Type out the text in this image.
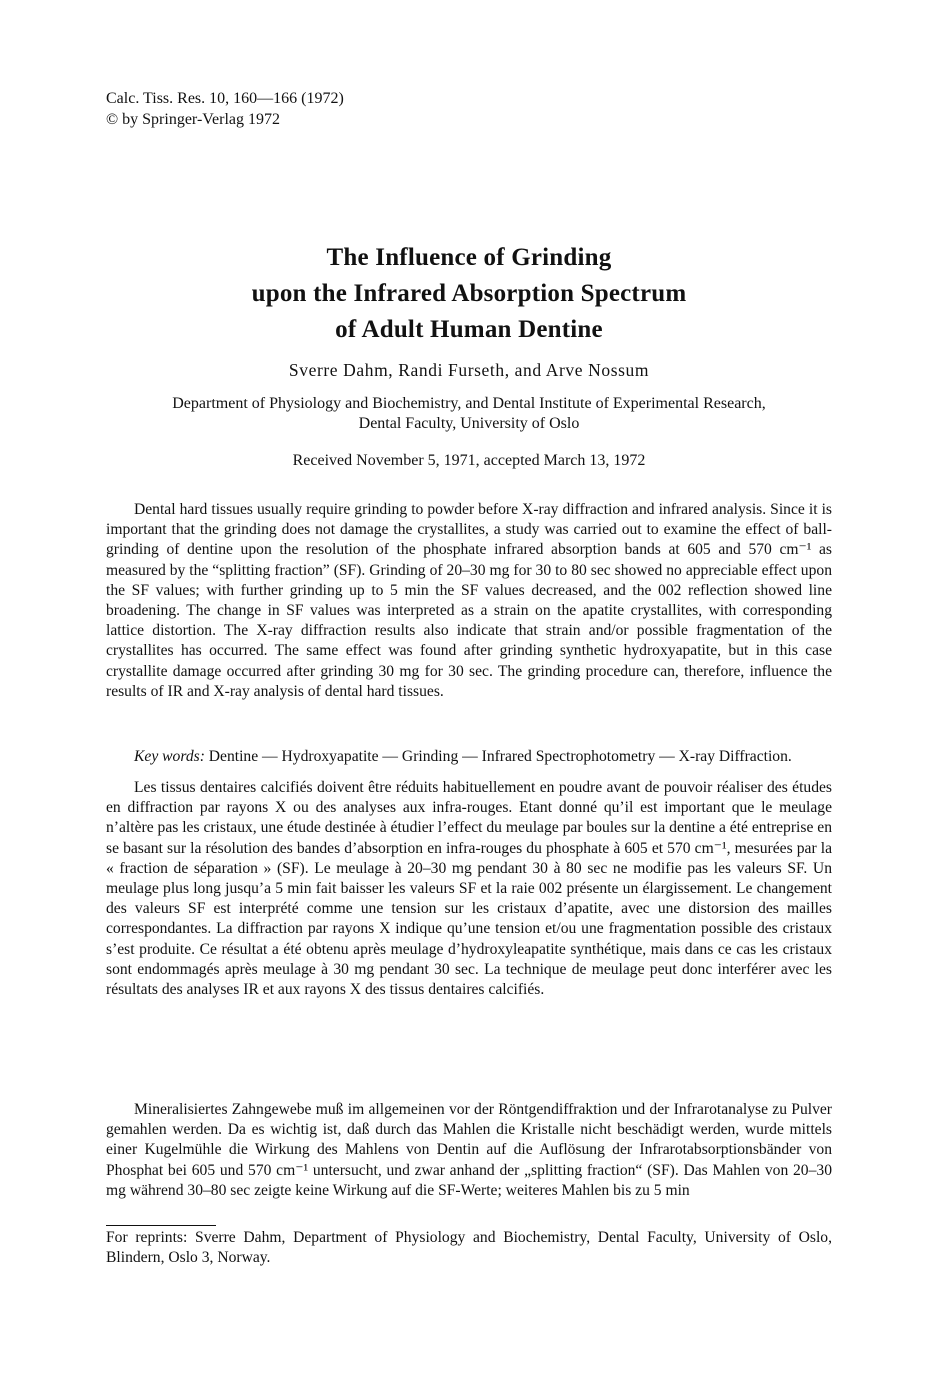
Calc. Tiss. Res. 10, 160—166 (1972)
© by Springer-Verlag 1972
The Influence of Grinding
upon the Infrared Absorption Spectrum
of Adult Human Dentine
Sverre Dahm, Randi Furseth, and Arve Nossum
Department of Physiology and Biochemistry, and Dental Institute of Experimental Research,
Dental Faculty, University of Oslo
Received November 5, 1971, accepted March 13, 1972

Dental hard tissues usually require grinding to powder before X-ray diffraction and infrared analysis. Since it is important that the grinding does not damage the crystallites, a study was carried out to examine the effect of ball-grinding of dentine upon the resolution of the phosphate infrared absorption bands at 605 and 570 cm⁻¹ as measured by the “splitting fraction” (SF). Grinding of 20–30 mg for 30 to 80 sec showed no appreciable effect upon the SF values; with further grinding up to 5 min the SF values decreased, and the 002 reflection showed line broadening. The change in SF values was interpreted as a strain on the apatite crystallites, with corresponding lattice distortion. The X-ray diffraction results also indicate that strain and/or possible fragmentation of the crystallites has occurred. The same effect was found after grinding synthetic hydroxyapatite, but in this case crystallite damage occurred after grinding 30 mg for 30 sec. The grinding procedure can, therefore, influence the results of IR and X-ray analysis of dental hard tissues.

Key words: Dentine — Hydroxyapatite — Grinding — Infrared Spectrophotometry — X-ray Diffraction.

Les tissus dentaires calcifiés doivent être réduits habituellement en poudre avant de pouvoir réaliser des études en diffraction par rayons X ou des analyses aux infra-rouges. Etant donné qu’il est important que le meulage n’altère pas les cristaux, une étude destinée à étudier l’effect du meulage par boules sur la dentine a été entreprise en se basant sur la résolution des bandes d’absorption en infra-rouges du phosphate à 605 et 570 cm⁻¹, mesurées par la « fraction de séparation » (SF). Le meulage à 20–30 mg pendant 30 à 80 sec ne modifie pas les valeurs SF. Un meulage plus long jusqu’a 5 min fait baisser les valeurs SF et la raie 002 présente un élargissement. Le changement des valeurs SF est interprété comme une tension sur les cristaux d’apatite, avec une distorsion des mailles correspondantes. La diffraction par rayons X indique qu’une tension et/ou une fragmentation possible des cristaux s’est produite. Ce résultat a été obtenu après meulage d’hydroxyleapatite synthétique, mais dans ce cas les cristaux sont endommagés après meulage à 30 mg pendant 30 sec. La technique de meulage peut donc interférer avec les résultats des analyses IR et aux rayons X des tissus dentaires calcifiés.

Mineralisiertes Zahngewebe muß im allgemeinen vor der Röntgendiffraktion und der Infrarotanalyse zu Pulver gemahlen werden. Da es wichtig ist, daß durch das Mahlen die Kristalle nicht beschädigt werden, wurde mittels einer Kugelmühle die Wirkung des Mahlens von Dentin auf die Auflösung der Infrarotabsorptionsbänder von Phosphat bei 605 und 570 cm⁻¹ untersucht, und zwar anhand der „splitting fraction“ (SF). Das Mahlen von 20–30 mg während 30–80 sec zeigte keine Wirkung auf die SF-Werte; weiteres Mahlen bis zu 5 min

For reprints: Sverre Dahm, Department of Physiology and Biochemistry, Dental Faculty, University of Oslo, Blindern, Oslo 3, Norway.
